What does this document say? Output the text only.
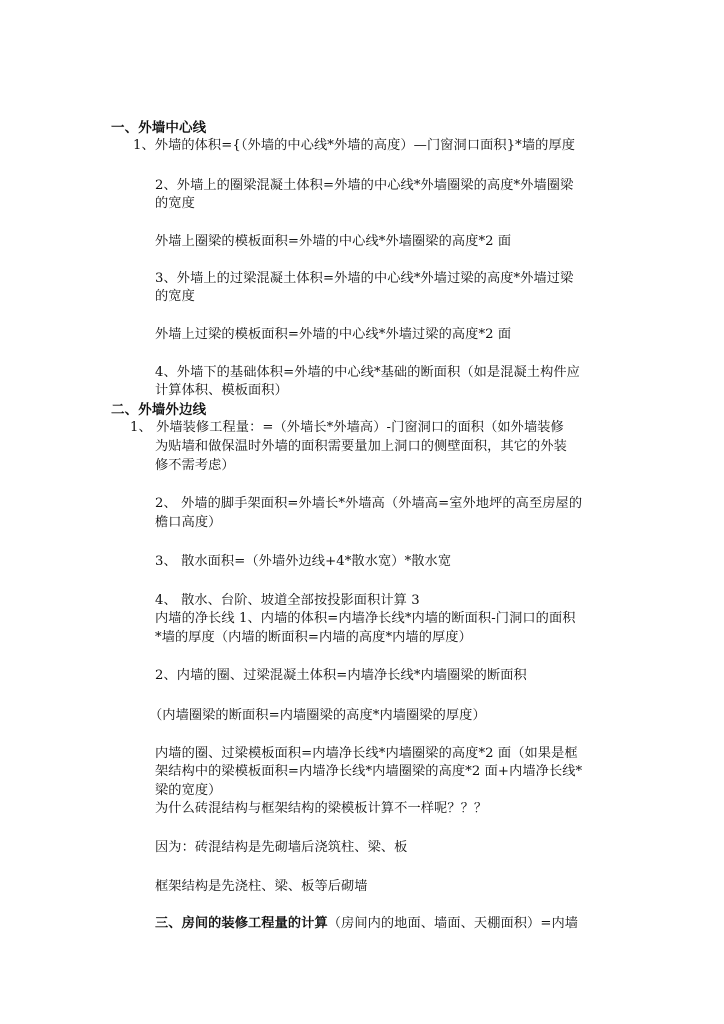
一、外墙中心线
1、外墙的体积={（外墙的中心线*外墙的高度）—门窗洞口面积}*墙的厚度
2、外墙上的圈梁混凝土体积=外墙的中心线*外墙圈梁的高度*外墙圈梁
的宽度
外墙上圈梁的模板面积=外墙的中心线*外墙圈梁的高度*2 面
3、外墙上的过梁混凝土体积=外墙的中心线*外墙过梁的高度*外墙过梁
的宽度
外墙上过梁的模板面积=外墙的中心线*外墙过梁的高度*2 面
4、外墙下的基础体积=外墙的中心线*基础的断面积（如是混凝土构件应
计算体积、模板面积）
二、外墙外边线
1、 外墙装修工程量：=（外墙长*外墙高）-门窗洞口的面积（如外墙装修
为贴墙和做保温时外墙的面积需要量加上洞口的侧壁面积，其它的外装
修不需考虑）
2、 外墙的脚手架面积=外墙长*外墙高（外墙高=室外地坪的高至房屋的
檐口高度）
3、 散水面积=（外墙外边线+4*散水宽）*散水宽
4、 散水、台阶、坡道全部按投影面积计算 3
内墙的净长线 1、内墙的体积=内墙净长线*内墙的断面积-门洞口的面积
*墙的厚度（内墙的断面积=内墙的高度*内墙的厚度）
2、内墙的圈、过梁混凝土体积=内墙净长线*内墙圈梁的断面积
（内墙圈梁的断面积=内墙圈梁的高度*内墙圈梁的厚度）
内墙的圈、过梁模板面积=内墙净长线*内墙圈梁的高度*2 面（如果是框
架结构中的梁模板面积=内墙净长线*内墙圈梁的高度*2 面+内墙净长线*
梁的宽度）
为什么砖混结构与框架结构的梁模板计算不一样呢？？？
因为：砖混结构是先砌墙后浇筑柱、梁、板
框架结构是先浇柱、梁、板等后砌墙
三、房间的装修工程量的计算（房间内的地面、墙面、天棚面积）=内墙
